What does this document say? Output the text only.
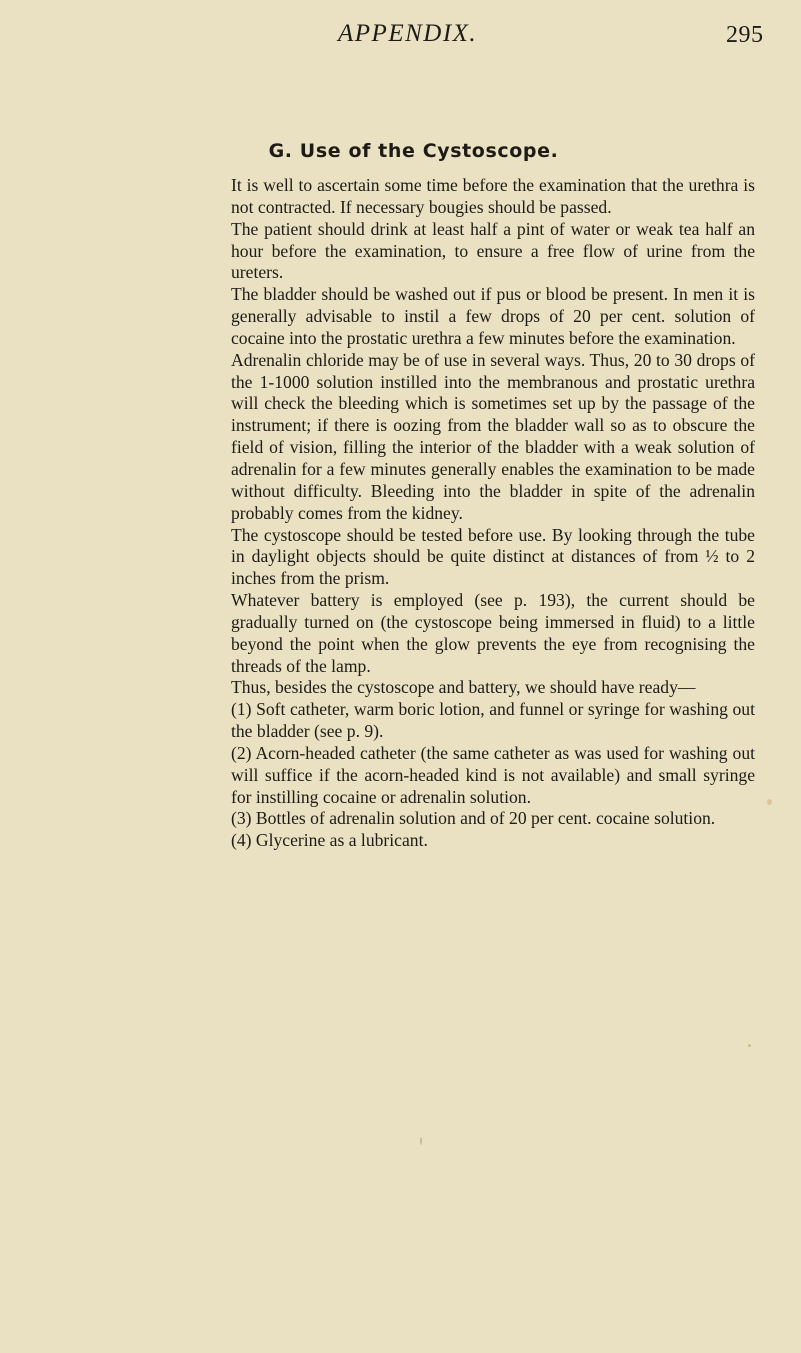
APPENDIX.	295
G. Use of the Cystoscope.

It is well to ascertain some time before the examination that the urethra is not contracted. If necessary bougies should be passed.

The patient should drink at least half a pint of water or weak tea half an hour before the examination, to ensure a free flow of urine from the ureters.

The bladder should be washed out if pus or blood be present. In men it is generally advisable to instil a few drops of 20 per cent. solution of cocaine into the prostatic urethra a few minutes before the examination.

Adrenalin chloride may be of use in several ways. Thus, 20 to 30 drops of the 1-1000 solution instilled into the membranous and prostatic urethra will check the bleeding which is sometimes set up by the passage of the instrument; if there is oozing from the bladder wall so as to obscure the field of vision, filling the interior of the bladder with a weak solution of adrenalin for a few minutes generally enables the examination to be made without difficulty. Bleeding into the bladder in spite of the adrenalin probably comes from the kidney.

The cystoscope should be tested before use. By looking through the tube in daylight objects should be quite distinct at distances of from ½ to 2 inches from the prism.

Whatever battery is employed (see p. 193), the current should be gradually turned on (the cystoscope being immersed in fluid) to a little beyond the point when the glow prevents the eye from recognising the threads of the lamp.

Thus, besides the cystoscope and battery, we should have ready—

(1) Soft catheter, warm boric lotion, and funnel or syringe for washing out the bladder (see p. 9).

(2) Acorn-headed catheter (the same catheter as was used for washing out will suffice if the acorn-headed kind is not available) and small syringe for instilling cocaine or adrenalin solution.

(3) Bottles of adrenalin solution and of 20 per cent. cocaine solution.

(4) Glycerine as a lubricant.
